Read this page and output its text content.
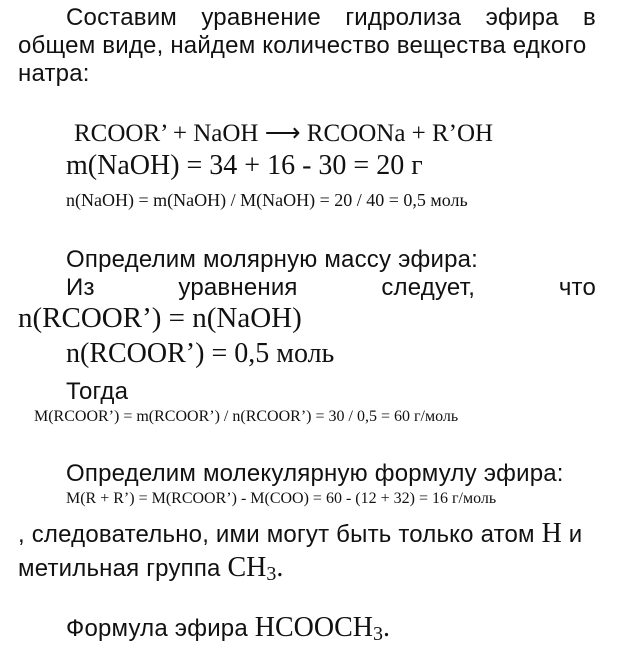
Составим уравнение гидролиза эфира в
общем виде, найдем количество вещества едкого
натра:
RCOOR’ + NaOH ⟶ RCOONa + R’OH
m(NaOH) = 34 + 16 - 30 = 20 г
n(NaOH) = m(NaOH) / M(NaOH) = 20 / 40 = 0,5 моль
Определим молярную массу эфира:
Из	уравнения	следует,	что
n(RCOOR’) = n(NaOH)
n(RCOOR’) = 0,5 моль
Тогда
M(RCOOR’) = m(RCOOR’) / n(RCOOR’) = 30 / 0,5 = 60 г/моль
Определим молекулярную формулу эфира:
M(R + R’) = M(RCOOR’) - M(COO) = 60 - (12 + 32) = 16 г/моль
, следовательно, ими могут быть только атом H и
метильная группа $CH_3$.
Формула эфира $HCOOCH_3$.
